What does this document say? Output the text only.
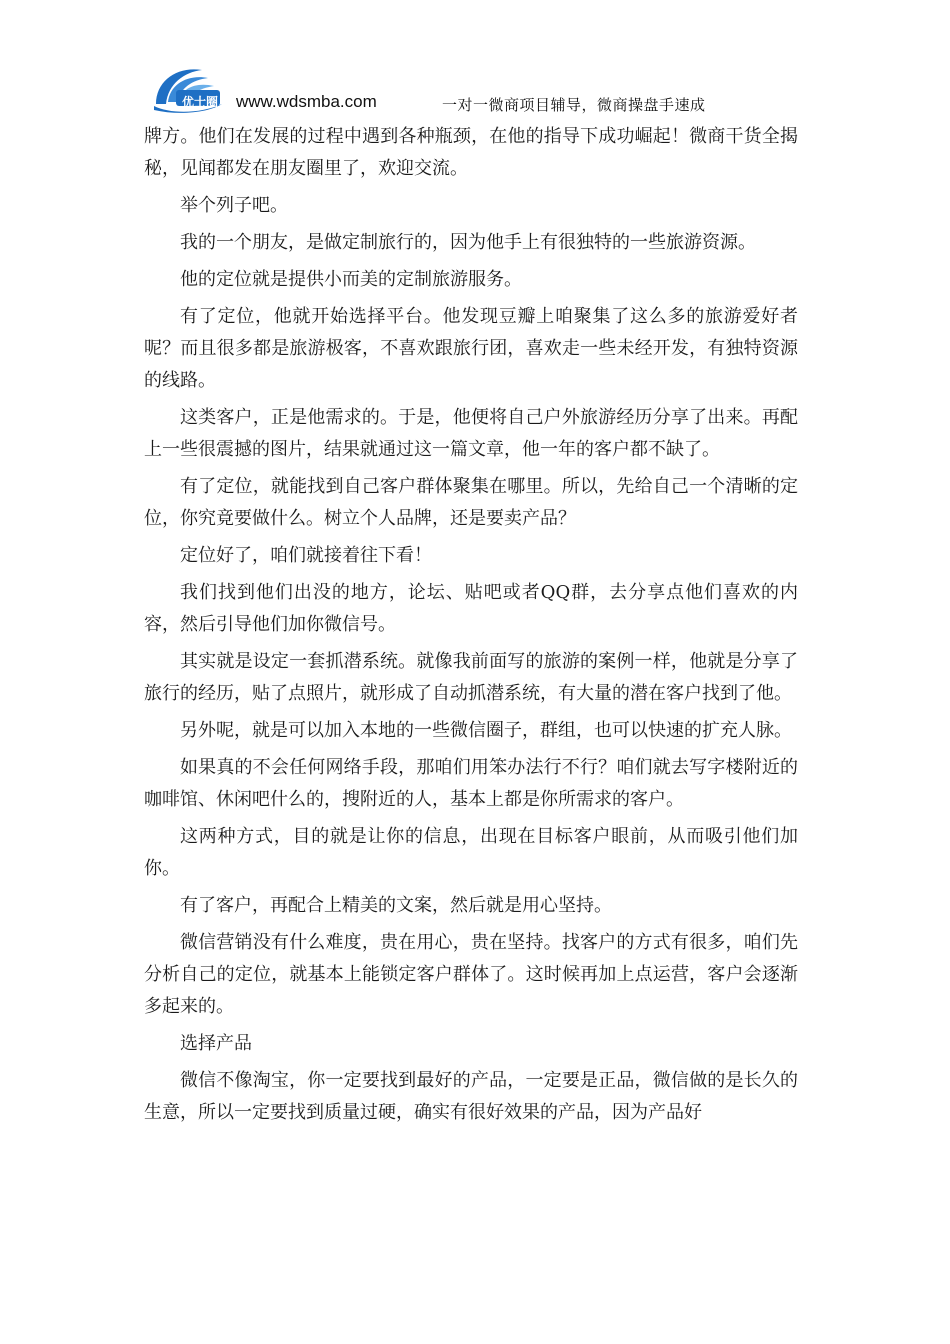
优士圈 www.wdsmba.com	一对一微商项目辅导，微商操盘手速成

牌方。他们在发展的过程中遇到各种瓶颈，在他的指导下成功崛起！微商干货全揭秘，见闻都发在朋友圈里了，欢迎交流。

举个列子吧。

我的一个朋友，是做定制旅行的，因为他手上有很独特的一些旅游资源。

他的定位就是提供小而美的定制旅游服务。

有了定位，他就开始选择平台。他发现豆瓣上咱聚集了这么多的旅游爱好者呢？而且很多都是旅游极客，不喜欢跟旅行团，喜欢走一些未经开发，有独特资源的线路。

这类客户，正是他需求的。于是，他便将自己户外旅游经历分享了出来。再配上一些很震撼的图片，结果就通过这一篇文章，他一年的客户都不缺了。

有了定位，就能找到自己客户群体聚集在哪里。所以，先给自己一个清晰的定位，你究竟要做什么。树立个人品牌，还是要卖产品？

定位好了，咱们就接着往下看！

我们找到他们出没的地方，论坛、贴吧或者QQ群，去分享点他们喜欢的内容，然后引导他们加你微信号。

其实就是设定一套抓潜系统。就像我前面写的旅游的案例一样，他就是分享了旅行的经历，贴了点照片，就形成了自动抓潜系统，有大量的潜在客户找到了他。

另外呢，就是可以加入本地的一些微信圈子，群组，也可以快速的扩充人脉。

如果真的不会任何网络手段，那咱们用笨办法行不行？咱们就去写字楼附近的咖啡馆、休闲吧什么的，搜附近的人，基本上都是你所需求的客户。

这两种方式，目的就是让你的信息，出现在目标客户眼前，从而吸引他们加你。

有了客户，再配合上精美的文案，然后就是用心坚持。

微信营销没有什么难度，贵在用心，贵在坚持。找客户的方式有很多，咱们先分析自己的定位，就基本上能锁定客户群体了。这时候再加上点运营，客户会逐渐多起来的。

选择产品

微信不像淘宝，你一定要找到最好的产品，一定要是正品，微信做的是长久的生意，所以一定要找到质量过硬，确实有很好效果的产品，因为产品好
